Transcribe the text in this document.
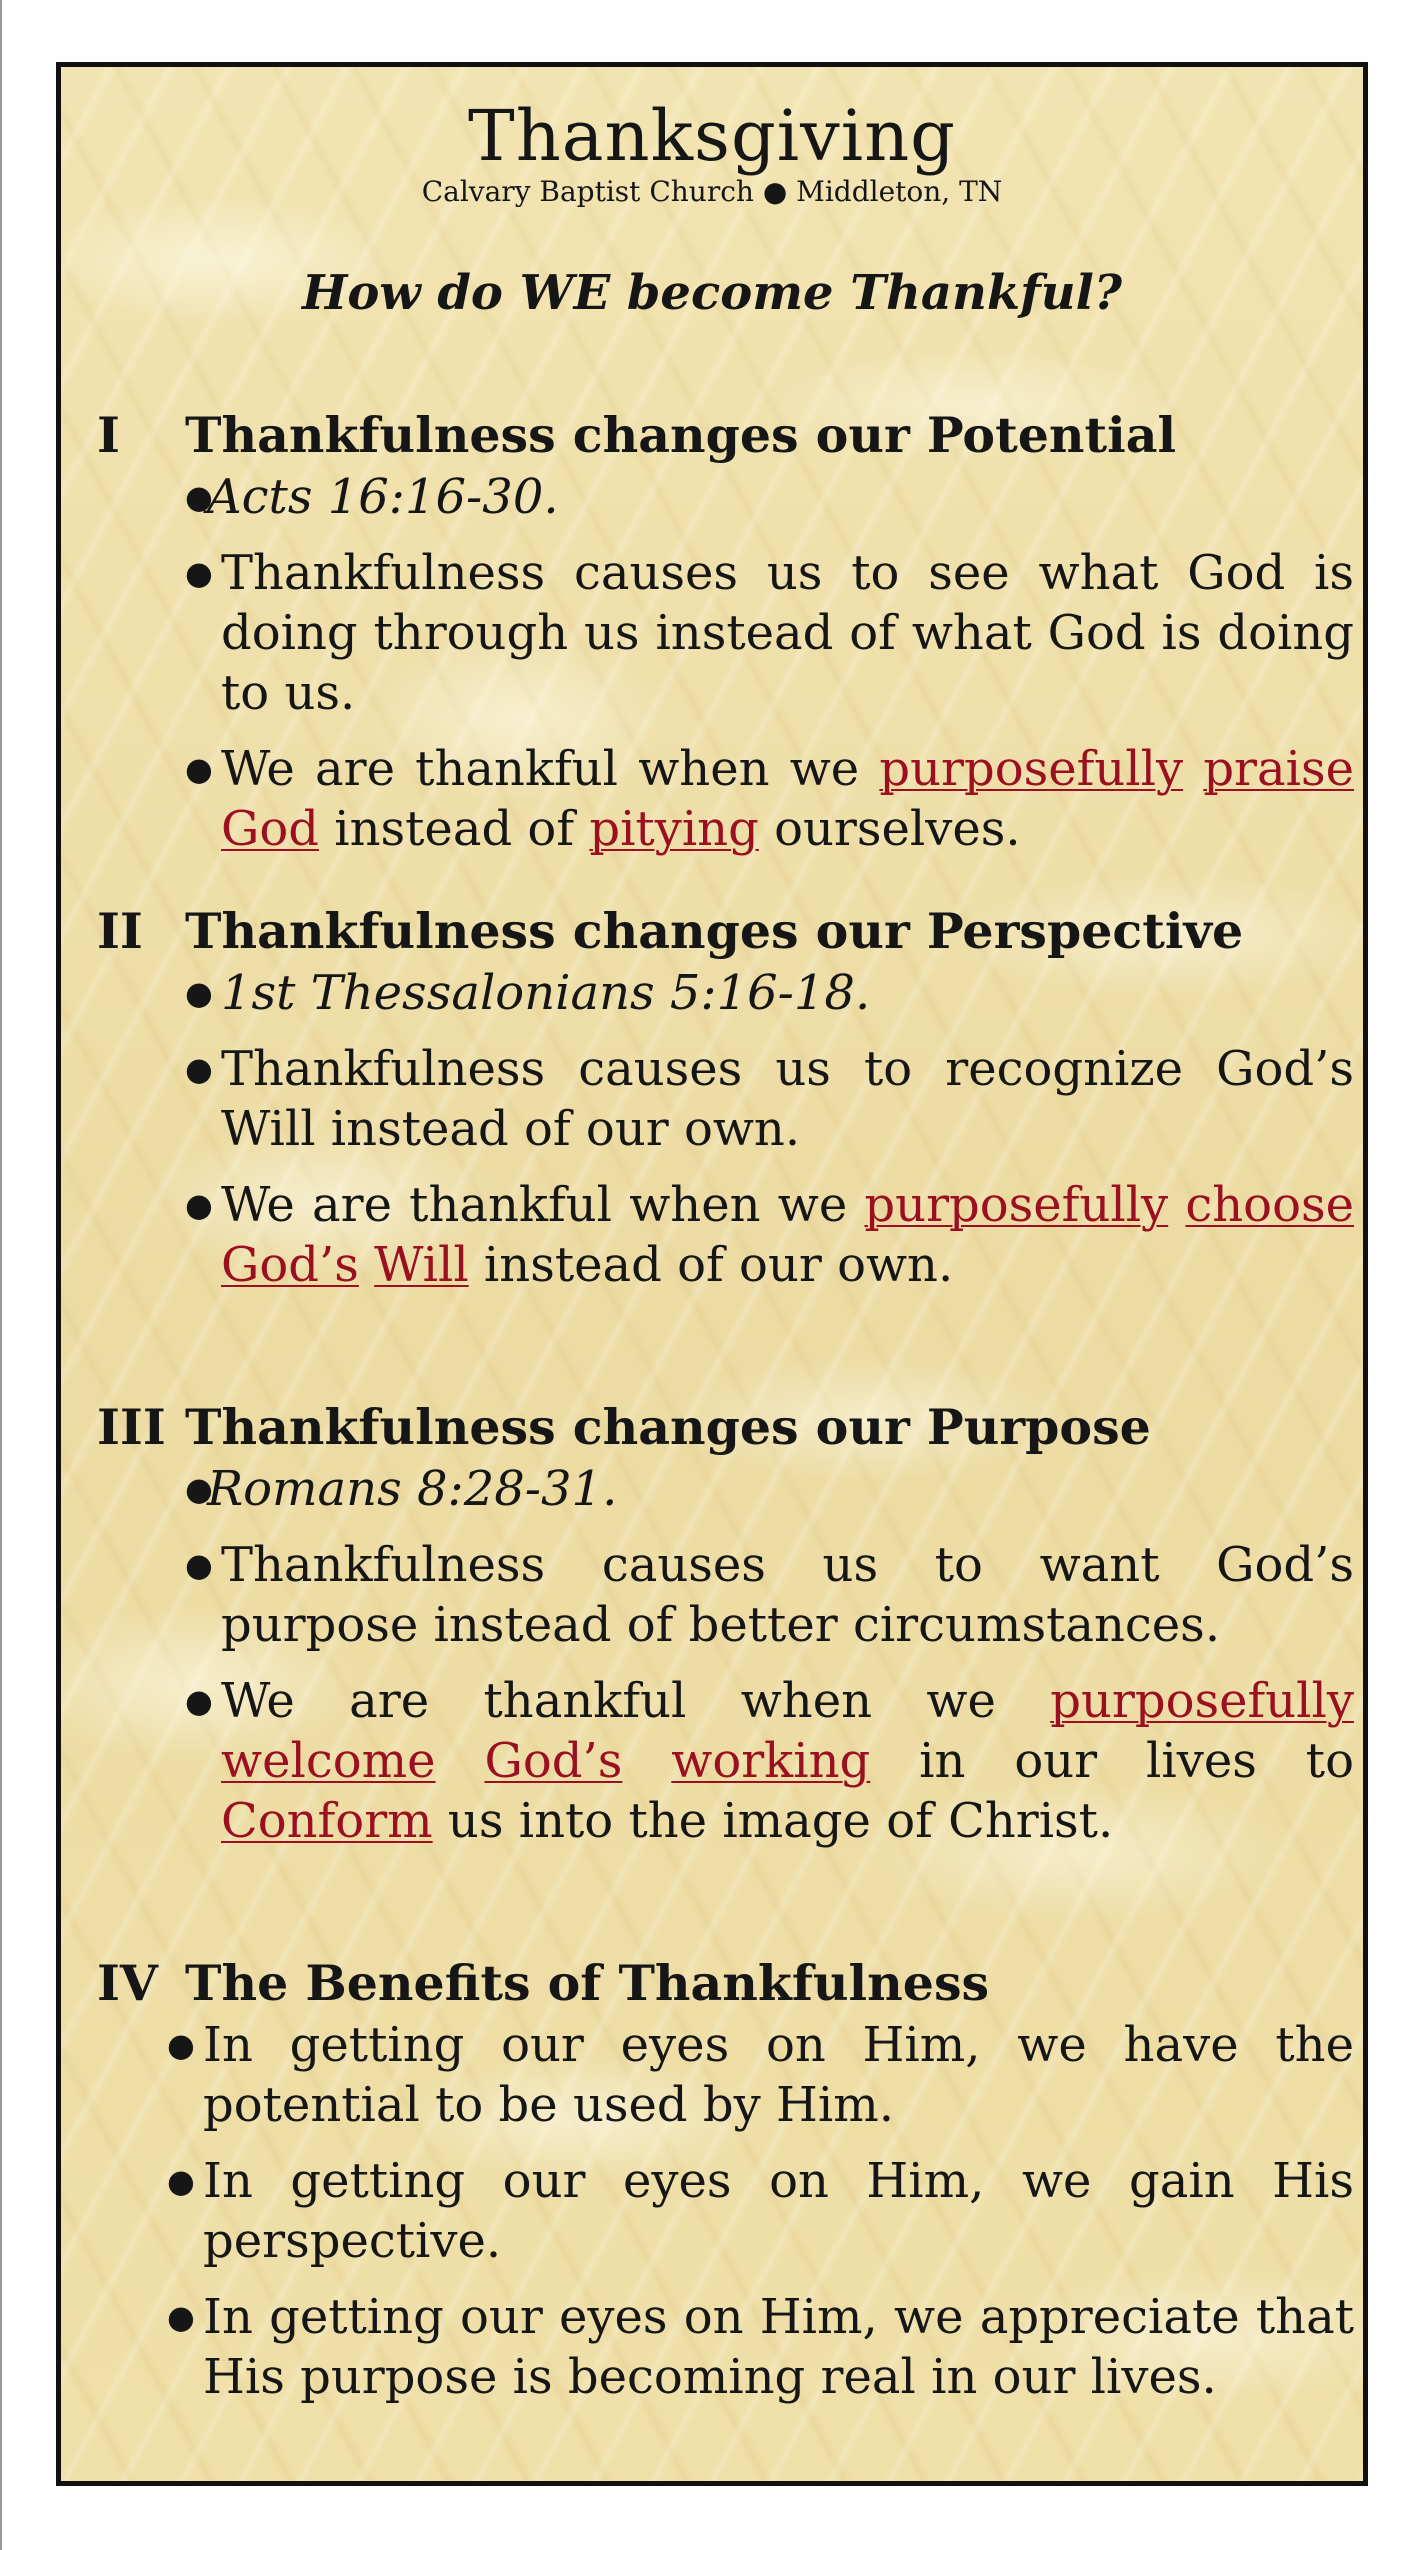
Thanksgiving
Calvary Baptist Church ● Middleton, TN
How do WE become Thankful?
I Thankfulness changes our Potential
●
Acts 16:16-30.
● Thankfulness causes us to see what God is doing through us instead of what God is doing to us.
● We are thankful when we purposefully praise God instead of pitying ourselves.
II Thankfulness changes our Perspective
● 1st Thessalonians 5:16-18.
● Thankfulness causes us to recognize God’s Will instead of our own.
● We are thankful when we purposefully choose God’s Will instead of our own.
III Thankfulness changes our Purpose
●
Romans 8:28-31.
● Thankfulness causes us to want God’s purpose instead of better circumstances.
● We are thankful when we purposefully welcome God’s working in our lives to Conform us into the image of Christ.
IV The Benefits of Thankfulness
● In getting our eyes on Him, we have the potential to be used by Him.
● In getting our eyes on Him, we gain His perspective.
● In getting our eyes on Him, we appreciate that His purpose is becoming real in our lives.
